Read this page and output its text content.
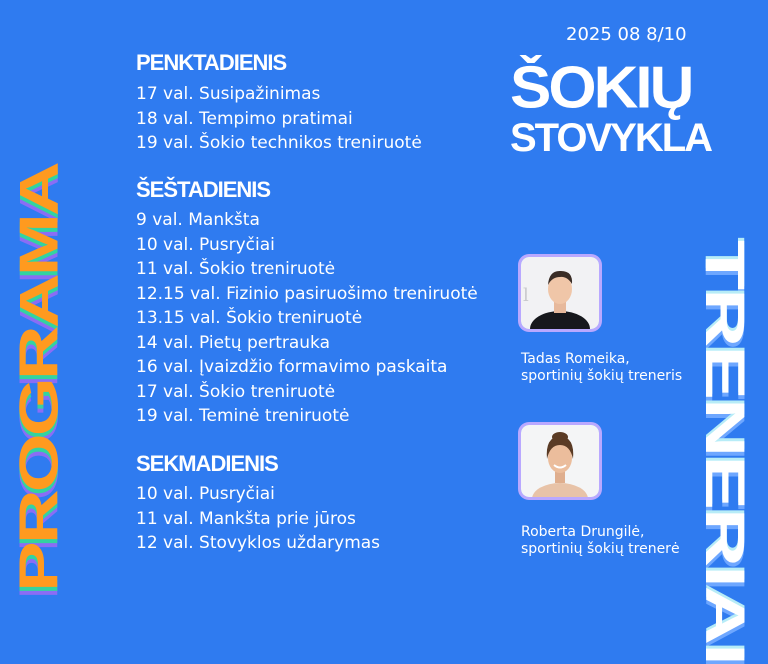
PROGRAMA	TRENERIAI
2025 08 8/10
ŠOKIŲ
STOVYKLA
PENKTADIENIS
17 val. Susipažinimas
18 val. Tempimo pratimai
19 val. Šokio technikos treniruotė
ŠEŠTADIENIS
9 val. Mankšta
10 val. Pusryčiai
11 val. Šokio treniruotė
12.15 val. Fizinio pasiruošimo treniruotė
13.15 val. Šokio treniruotė
14 val. Pietų pertrauka
16 val. Įvaizdžio formavimo paskaita
17 val. Šokio treniruotė
19 val. Teminė treniruotė
SEKMADIENIS
10 val. Pusryčiai
11 val. Mankšta prie jūros
12 val. Stovyklos uždarymas
l
Tadas Romeika,
sportinių šokių treneris
Roberta Drungilė,
sportinių šokių trenerė
